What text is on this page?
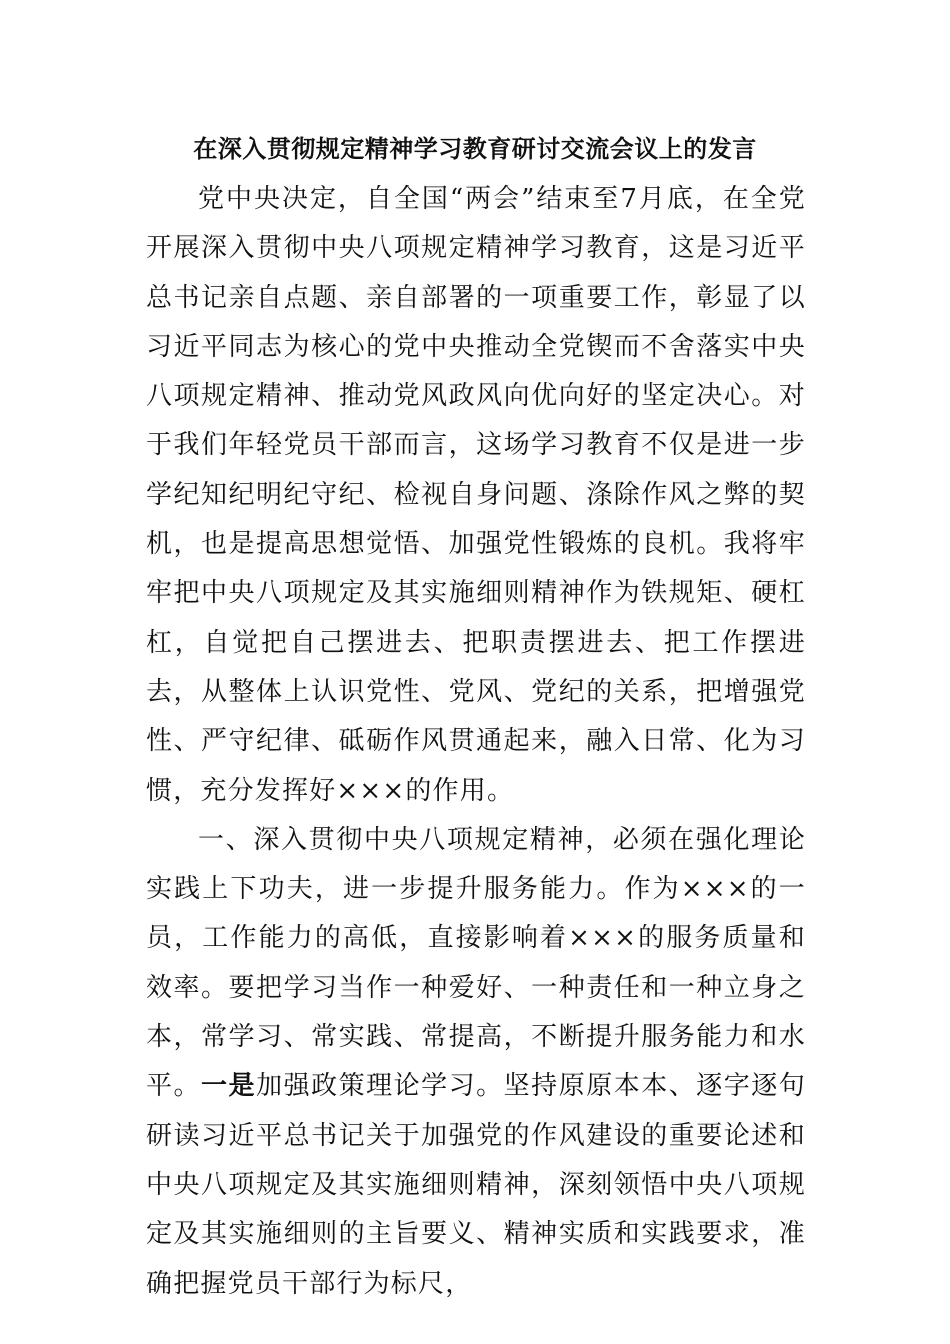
在深入贯彻规定精神学习教育研讨交流会议上的发言

党中央决定，自全国“两会”结束至7月底，在全党开展深入贯彻中央八项规定精神学习教育，这是习近平总书记亲自点题、亲自部署的一项重要工作，彰显了以习近平同志为核心的党中央推动全党锲而不舍落实中央八项规定精神、推动党风政风向优向好的坚定决心。对于我们年轻党员干部而言，这场学习教育不仅是进一步学纪知纪明纪守纪、检视自身问题、涤除作风之弊的契机，也是提高思想觉悟、加强党性锻炼的良机。我将牢牢把中央八项规定及其实施细则精神作为铁规矩、硬杠杠，自觉把自己摆进去、把职责摆进去、把工作摆进去，从整体上认识党性、党风、党纪的关系，把增强党性、严守纪律、砥砺作风贯通起来，融入日常、化为习惯，充分发挥好×××的作用。

一、深入贯彻中央八项规定精神，必须在强化理论实践上下功夫，进一步提升服务能力。作为×××的一员，工作能力的高低，直接影响着×××的服务质量和效率。要把学习当作一种爱好、一种责任和一种立身之本，常学习、常实践、常提高，不断提升服务能力和水平。一是加强政策理论学习。坚持原原本本、逐字逐句研读习近平总书记关于加强党的作风建设的重要论述和中央八项规定及其实施细则精神，深刻领悟中央八项规定及其实施细则的主旨要义、精神实质和实践要求，准确把握党员干部行为标尺，
